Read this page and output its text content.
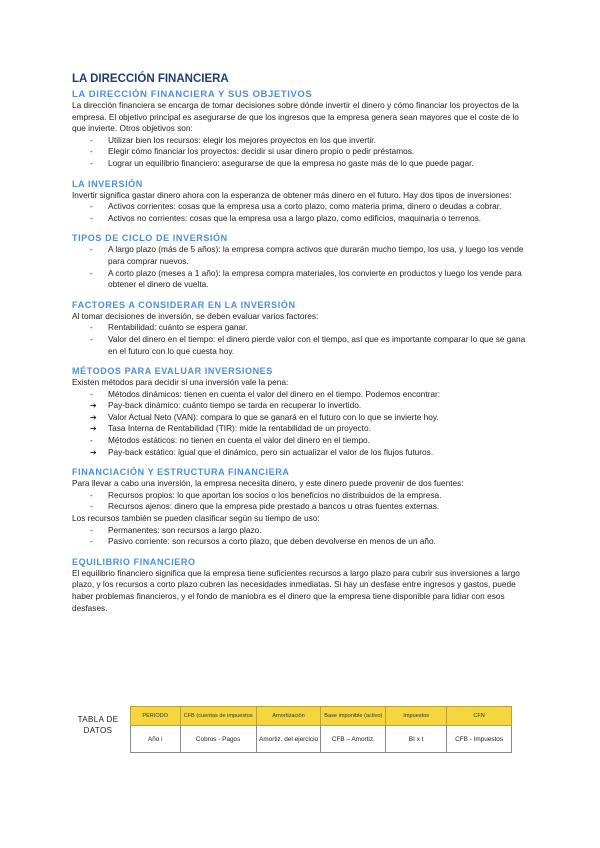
LA DIRECCIÓN FINANCIERA
LA DIRECCIÓN FINANCIERA Y SUS OBJETIVOS

La dirección financiera se encarga de tomar decisiones sobre dónde invertir el dinero y cómo financiar los proyectos de la empresa. El objetivo principal es asegurarse de que los ingresos que la empresa genera sean mayores que el coste de lo que invierte. Otros objetivos son:

-	Utilizar bien los recursos: elegir los mejores proyectos en los que invertir.
-	Elegir cómo financiar los proyectos: decidir si usar dinero propio o pedir préstamos.
-	Lograr un equilibrio financiero: asegurarse de que la empresa no gaste más de lo que puede pagar.
LA INVERSIÓN

Invertir significa gastar dinero ahora con la esperanza de obtener más dinero en el futuro. Hay dos tipos de inversiones:

-	Activos corrientes: cosas que la empresa usa a corto plazo, como materia prima, dinero o deudas a cobrar.
-	Activos no corrientes: cosas que la empresa usa a largo plazo, como edificios, maquinaria o terrenos.
TIPOS DE CICLO DE INVERSIÓN
-	A largo plazo (más de 5 años): la empresa compra activos que durarán mucho tiempo, los usa, y luego los vende para comprar nuevos.
-	A corto plazo (meses a 1 año): la empresa compra materiales, los convierte en productos y luego los vende para obtener el dinero de vuelta.
FACTORES A CONSIDERAR EN LA INVERSIÓN

Al tomar decisiones de inversión, se deben evaluar varios factores:

-	Rentabilidad: cuánto se espera ganar.
-	Valor del dinero en el tiempo: el dinero pierde valor con el tiempo, así que es importante comparar lo que se gana en el futuro con lo que cuesta hoy.
MÉTODOS PARA EVALUAR INVERSIONES

Existen métodos para decidir si una inversión vale la pena:

-	Métodos dinámicos: tienen en cuenta el valor del dinero en el tiempo. Podemos encontrar:
➔	Pay-back dinámico: cuánto tiempo se tarda en recuperar lo invertido.
➔	Valor Actual Neto (VAN): compara lo que se ganará en el futuro con lo que se invierte hoy.
➔	Tasa Interna de Rentabilidad (TIR): mide la rentabilidad de un proyecto.
-	Métodos estáticos: no tienen en cuenta el valor del dinero en el tiempo.
➔	Pay-back estático: igual que el dinámico, pero sin actualizar el valor de los flujos futuros.
FINANCIACIÓN Y ESTRUCTURA FINANCIERA

Para llevar a cabo una inversión, la empresa necesita dinero, y este dinero puede provenir de dos fuentes:

-	Recursos propios: lo que aportan los socios o los beneficios no distribuidos de la empresa.
-	Recursos ajenos: dinero que la empresa pide prestado a bancos u otras fuentes externas.

Los recursos también se pueden clasificar según su tiempo de uso:

-	Permanentes: son recursos a largo plazo.
-	Pasivo corriente: son recursos a corto plazo, que deben devolverse en menos de un año.
EQUILIBRIO FINANCIERO

El equilibrio financiero significa que la empresa tiene suficientes recursos a largo plazo para cubrir sus inversiones a largo plazo, y los recursos a corto plazo cubren las necesidades inmediatas. Si hay un desfase entre ingresos y gastos, puede haber problemas financieros, y el fondo de maniobra es el dinero que la empresa tiene disponible para lidiar con esos desfases.

TABLA DE DATOS
PERIODO	CFB (cuentas de impuestos	Amortización	Base imponible (activo)	Impuestos	CFN
Año i	Cobros - Pagos	Amortiz. del ejercicio	CFB – Amortiz.	BI x t	CFB - Impuestos
